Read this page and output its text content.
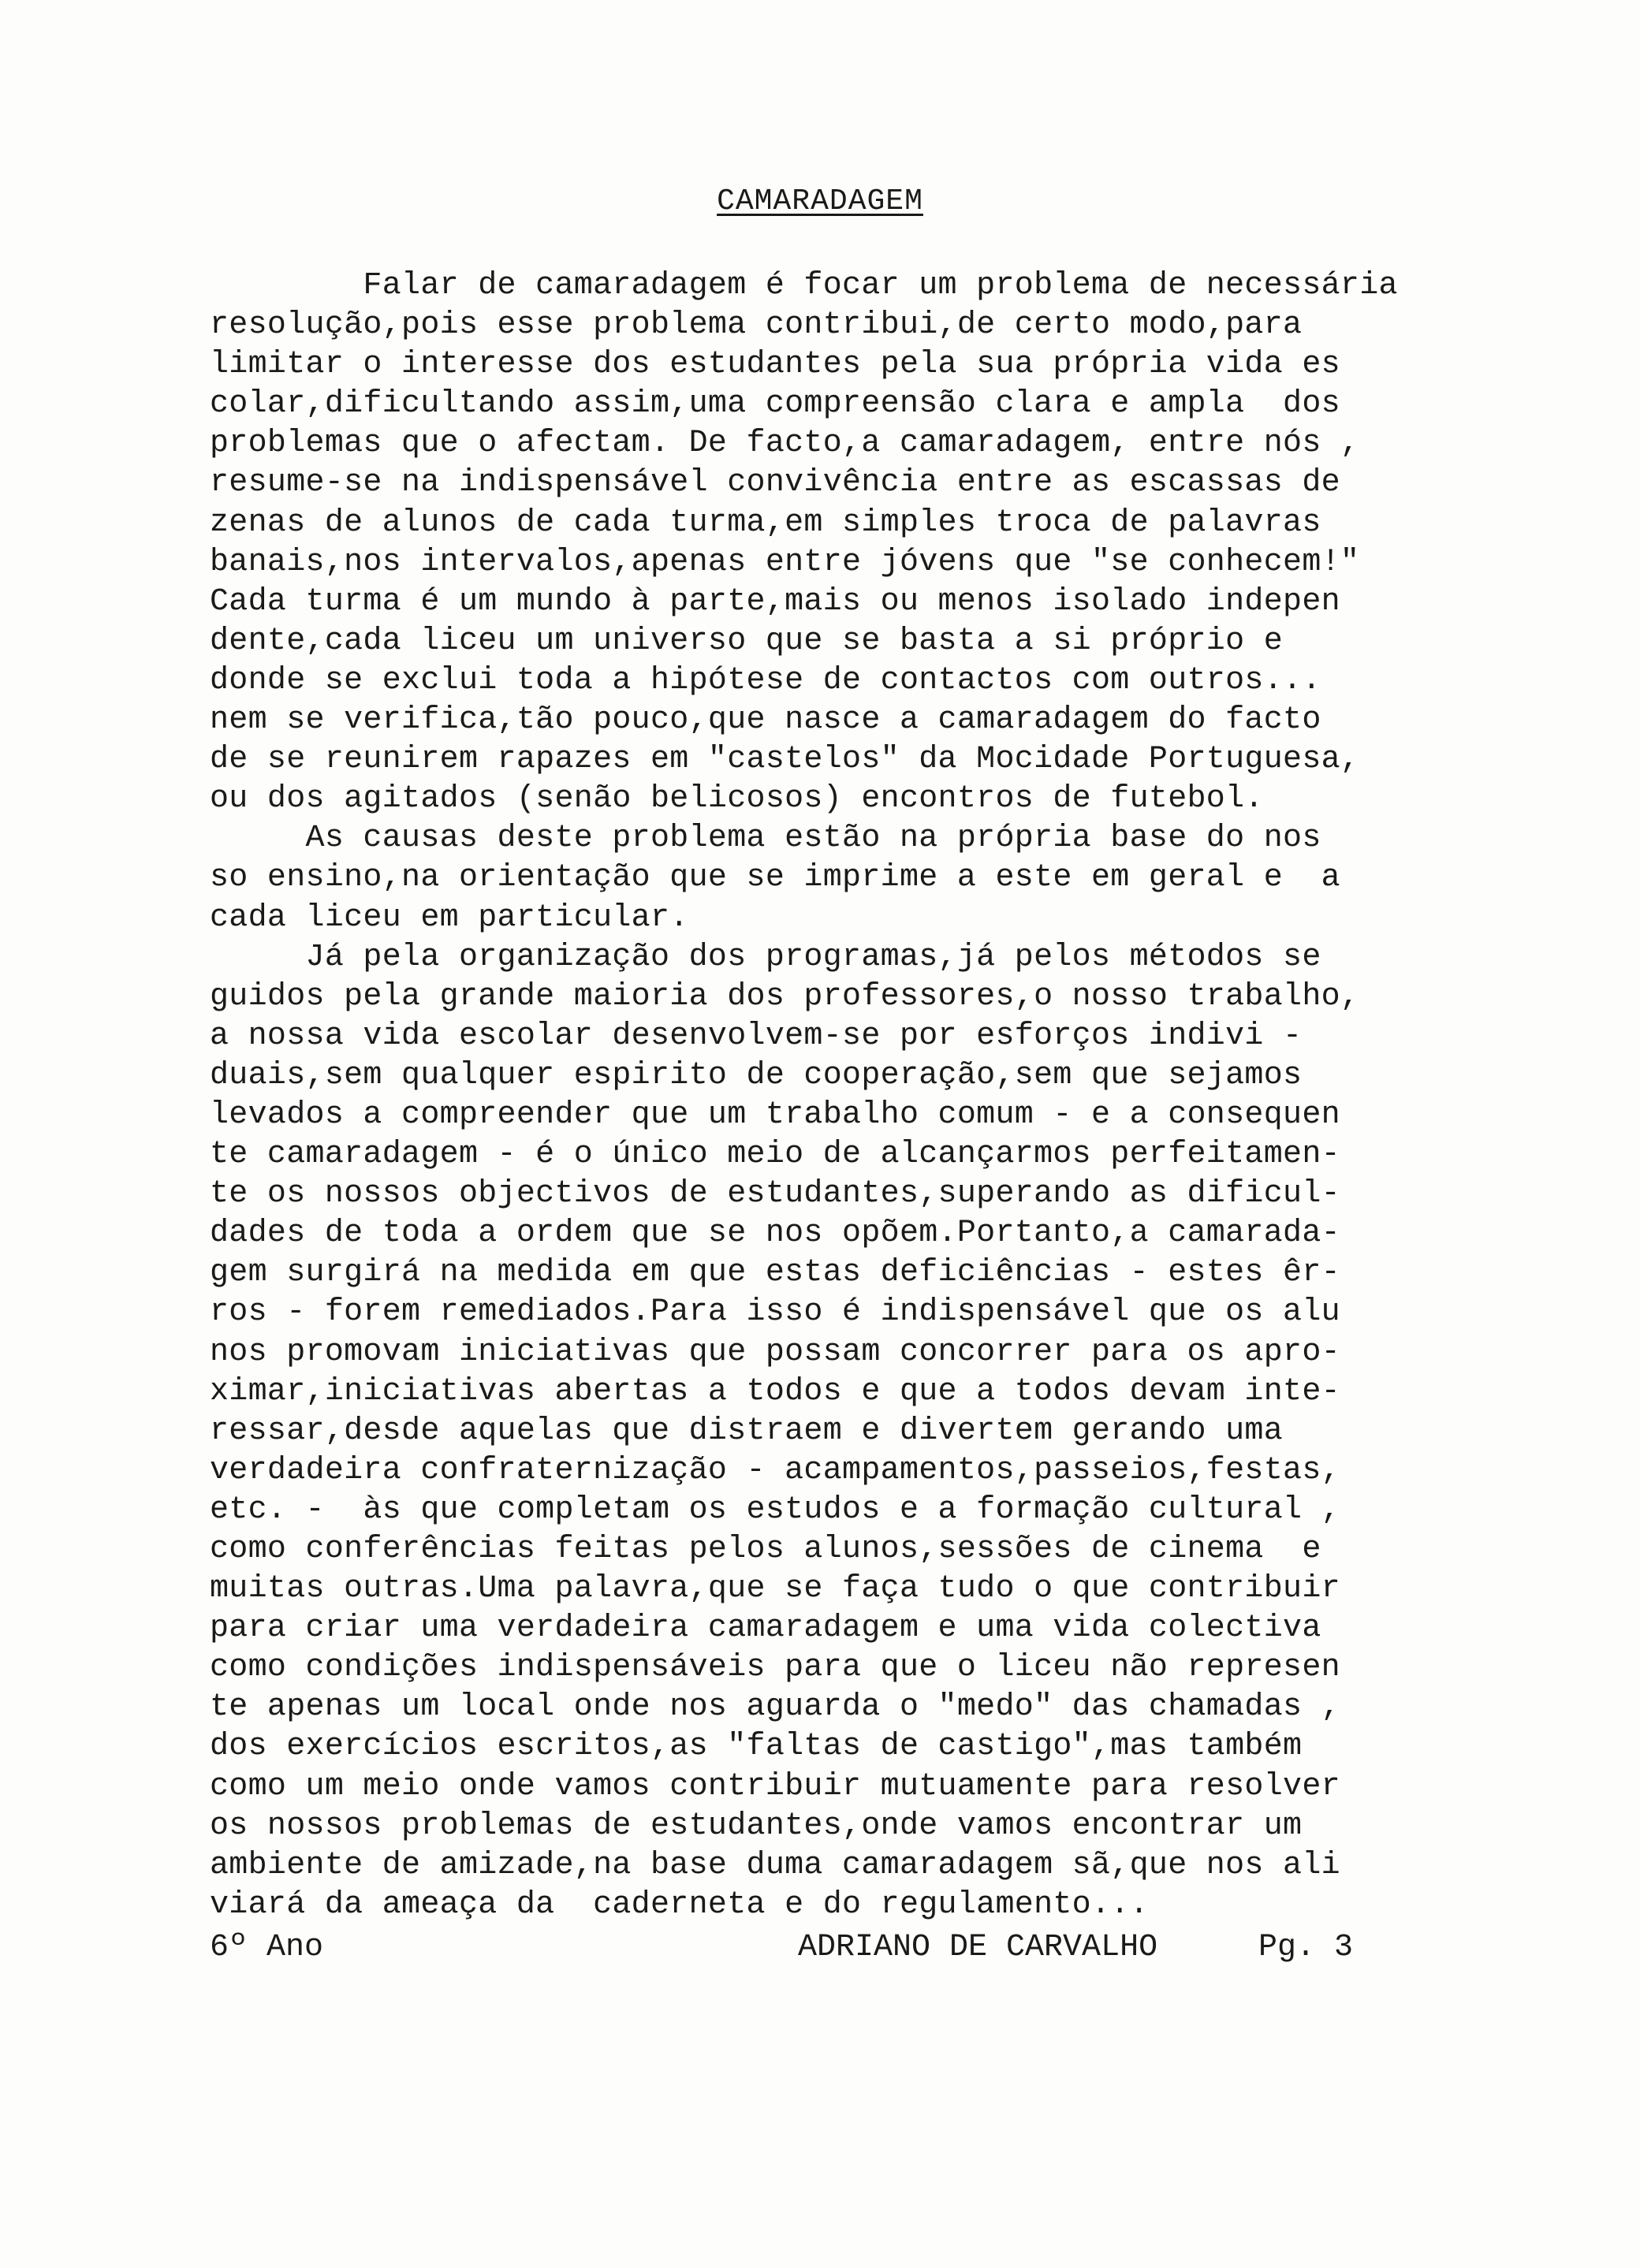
CAMARADAGEM
Falar de camaradagem é focar um problema de necessária
resolução,pois esse problema contribui,de certo modo,para
limitar o interesse dos estudantes pela sua própria vida es
colar,dificultando assim,uma compreensão clara e ampla  dos
problemas que o afectam. De facto,a camaradagem, entre nós ,
resume-se na indispensável convivência entre as escassas de
zenas de alunos de cada turma,em simples troca de palavras
banais,nos intervalos,apenas entre jóvens que "se conhecem!"
Cada turma é um mundo à parte,mais ou menos isolado indepen
dente,cada liceu um universo que se basta a si próprio e
donde se exclui toda a hipótese de contactos com outros...
nem se verifica,tão pouco,que nasce a camaradagem do facto
de se reunirem rapazes em "castelos" da Mocidade Portuguesa,
ou dos agitados (senão belicosos) encontros de futebol.
As causas deste problema estão na própria base do nos
so ensino,na orientação que se imprime a este em geral e  a
cada liceu em particular.
Já pela organização dos programas,já pelos métodos se
guidos pela grande maioria dos professores,o nosso trabalho,
a nossa vida escolar desenvolvem-se por esforços indivi -
duais,sem qualquer espirito de cooperação,sem que sejamos
levados a compreender que um trabalho comum - e a consequen
te camaradagem - é o único meio de alcançarmos perfeitamen-
te os nossos objectivos de estudantes,superando as dificul-
dades de toda a ordem que se nos opõem.Portanto,a camarada-
gem surgirá na medida em que estas deficiências - estes êr-
ros - forem remediados.Para isso é indispensável que os alu
nos promovam iniciativas que possam concorrer para os apro-
ximar,iniciativas abertas a todos e que a todos devam inte-
ressar,desde aquelas que distraem e divertem gerando uma
verdadeira confraternização - acampamentos,passeios,festas,
etc. -  às que completam os estudos e a formação cultural ,
como conferências feitas pelos alunos,sessões de cinema  e
muitas outras.Uma palavra,que se faça tudo o que contribuir
para criar uma verdadeira camaradagem e uma vida colectiva
como condições indispensáveis para que o liceu não represen
te apenas um local onde nos aguarda o "medo" das chamadas ,
dos exercícios escritos,as "faltas de castigo",mas também
como um meio onde vamos contribuir mutuamente para resolver
os nossos problemas de estudantes,onde vamos encontrar um
ambiente de amizade,na base duma camaradagem sã,que nos ali
viará da ameaça da  caderneta e do regulamento...
6º Ano	ADRIANO DE CARVALHO	Pg. 3
